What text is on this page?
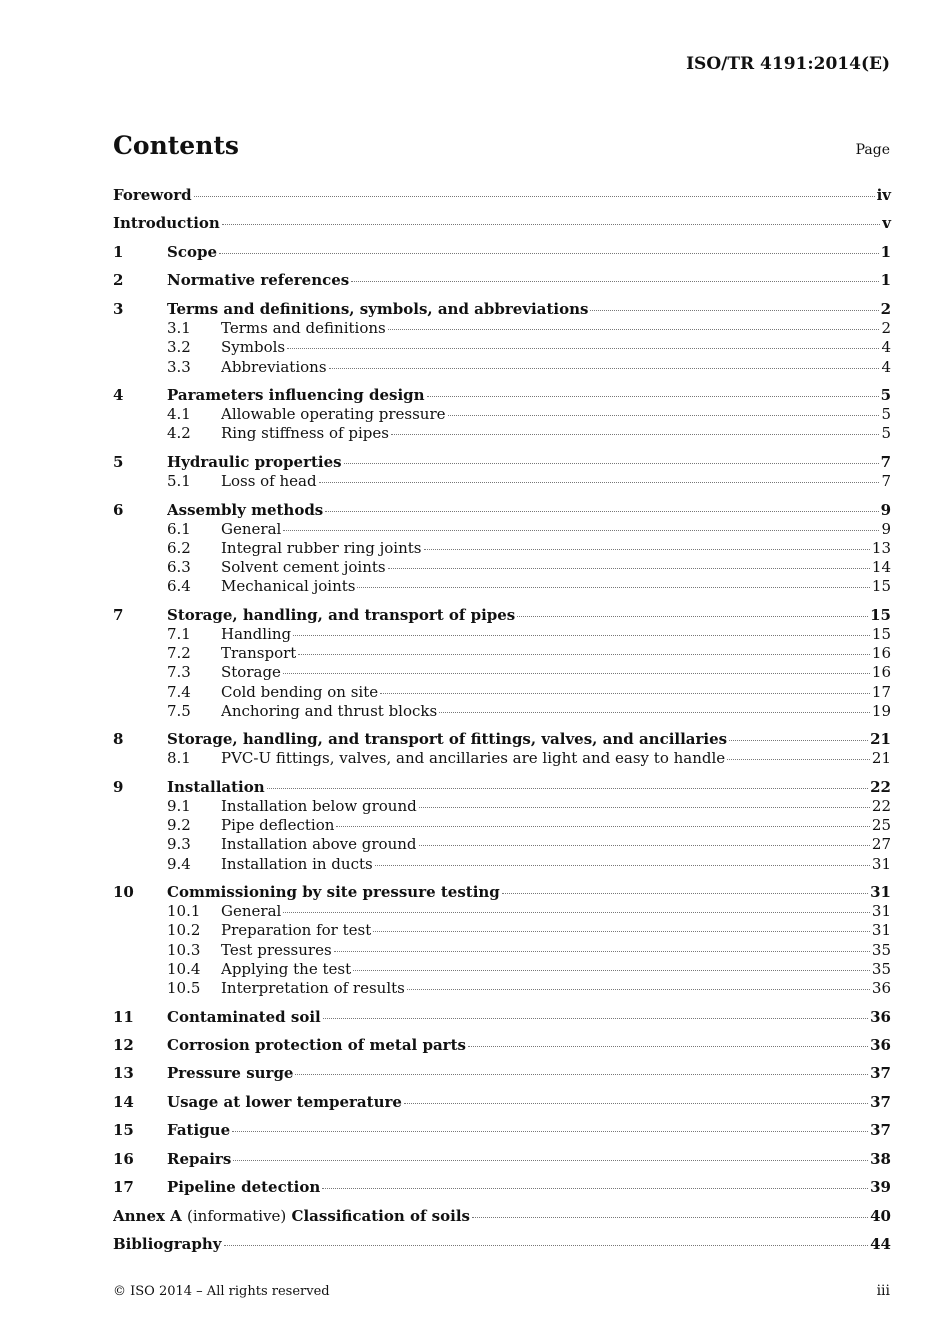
ISO/TR 4191:2014(E)
Contents	Page
Foreword	iv
Introduction	v
1	Scope	1
2	Normative references	1
3	Terms and definitions, symbols, and abbreviations	2
3.1	Terms and definitions	2
3.2	Symbols	4
3.3	Abbreviations	4
4	Parameters influencing design	5
4.1	Allowable operating pressure	5
4.2	Ring stiffness of pipes	5
5	Hydraulic properties	7
5.1	Loss of head	7
6	Assembly methods	9
6.1	General	9
6.2	Integral rubber ring joints	13
6.3	Solvent cement joints	14
6.4	Mechanical joints	15
7	Storage, handling, and transport of pipes	15
7.1	Handling	15
7.2	Transport	16
7.3	Storage	16
7.4	Cold bending on site	17
7.5	Anchoring and thrust blocks	19
8	Storage, handling, and transport of fittings, valves, and ancillaries	21
8.1	PVC-U fittings, valves, and ancillaries are light and easy to handle	21
9	Installation	22
9.1	Installation below ground	22
9.2	Pipe deflection	25
9.3	Installation above ground	27
9.4	Installation in ducts	31
10	Commissioning by site pressure testing	31
10.1	General	31
10.2	Preparation for test	31
10.3	Test pressures	35
10.4	Applying the test	35
10.5	Interpretation of results	36
11	Contaminated soil	36
12	Corrosion protection of metal parts	36
13	Pressure surge	37
14	Usage at lower temperature	37
15	Fatigue	37
16	Repairs	38
17	Pipeline detection	39
Annex A (informative) Classification of soils	40
Bibliography	44
© ISO 2014 – All rights reserved	iii
